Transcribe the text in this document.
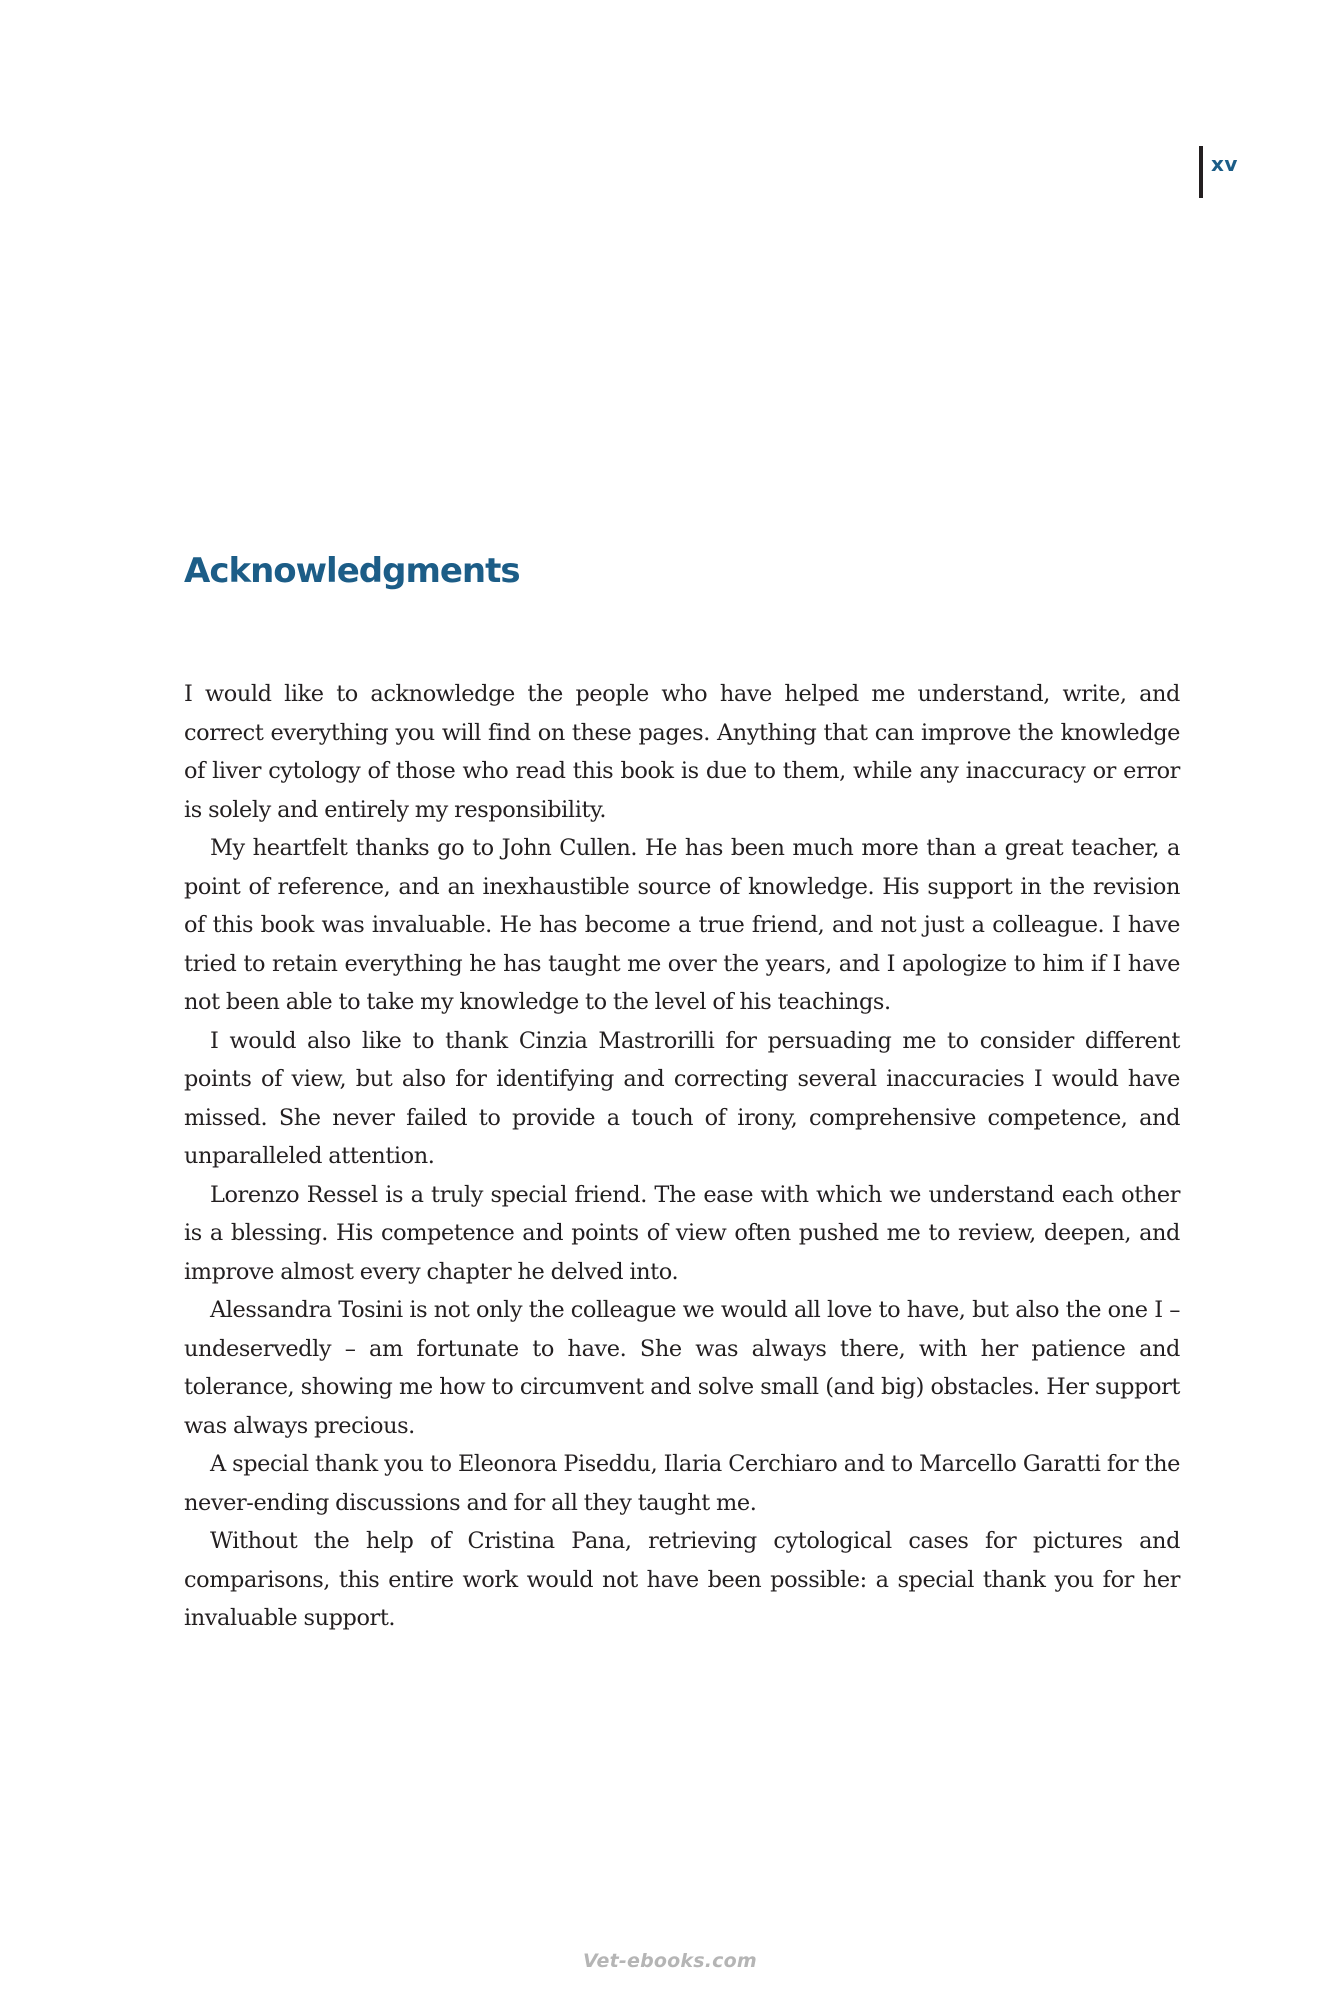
xv
Acknowledgments

I would like to acknowledge the people who have helped me understand, write, and correct everything you will find on these pages. Anything that can improve the knowledge of liver cytology of those who read this book is due to them, while any inaccuracy or error is solely and entirely my responsibility.

My heartfelt thanks go to John Cullen. He has been much more than a great teacher, a point of reference, and an inexhaustible source of knowledge. His support in the revision of this book was invaluable. He has become a true friend, and not just a colleague. I have tried to retain everything he has taught me over the years, and I apologize to him if I have not been able to take my knowledge to the level of his teachings.

I would also like to thank Cinzia Mastrorilli for persuading me to consider different points of view, but also for identifying and correcting several inaccuracies I would have missed. She never failed to provide a touch of irony, comprehensive competence, and unparalleled attention.

Lorenzo Ressel is a truly special friend. The ease with which we understand each other is a blessing. His competence and points of view often pushed me to review, deepen, and improve almost every chapter he delved into.

Alessandra Tosini is not only the colleague we would all love to have, but also the one I – undeservedly – am fortunate to have. She was always there, with her patience and tolerance, showing me how to circumvent and solve small (and big) obstacles. Her support was always precious.

A special thank you to Eleonora Piseddu, Ilaria Cerchiaro and to Marcello Garatti for the never-ending discussions and for all they taught me.

Without the help of Cristina Pana, retrieving cytological cases for pictures and comparisons, this entire work would not have been possible: a special thank you for her invaluable support.

Vet-ebooks.com
